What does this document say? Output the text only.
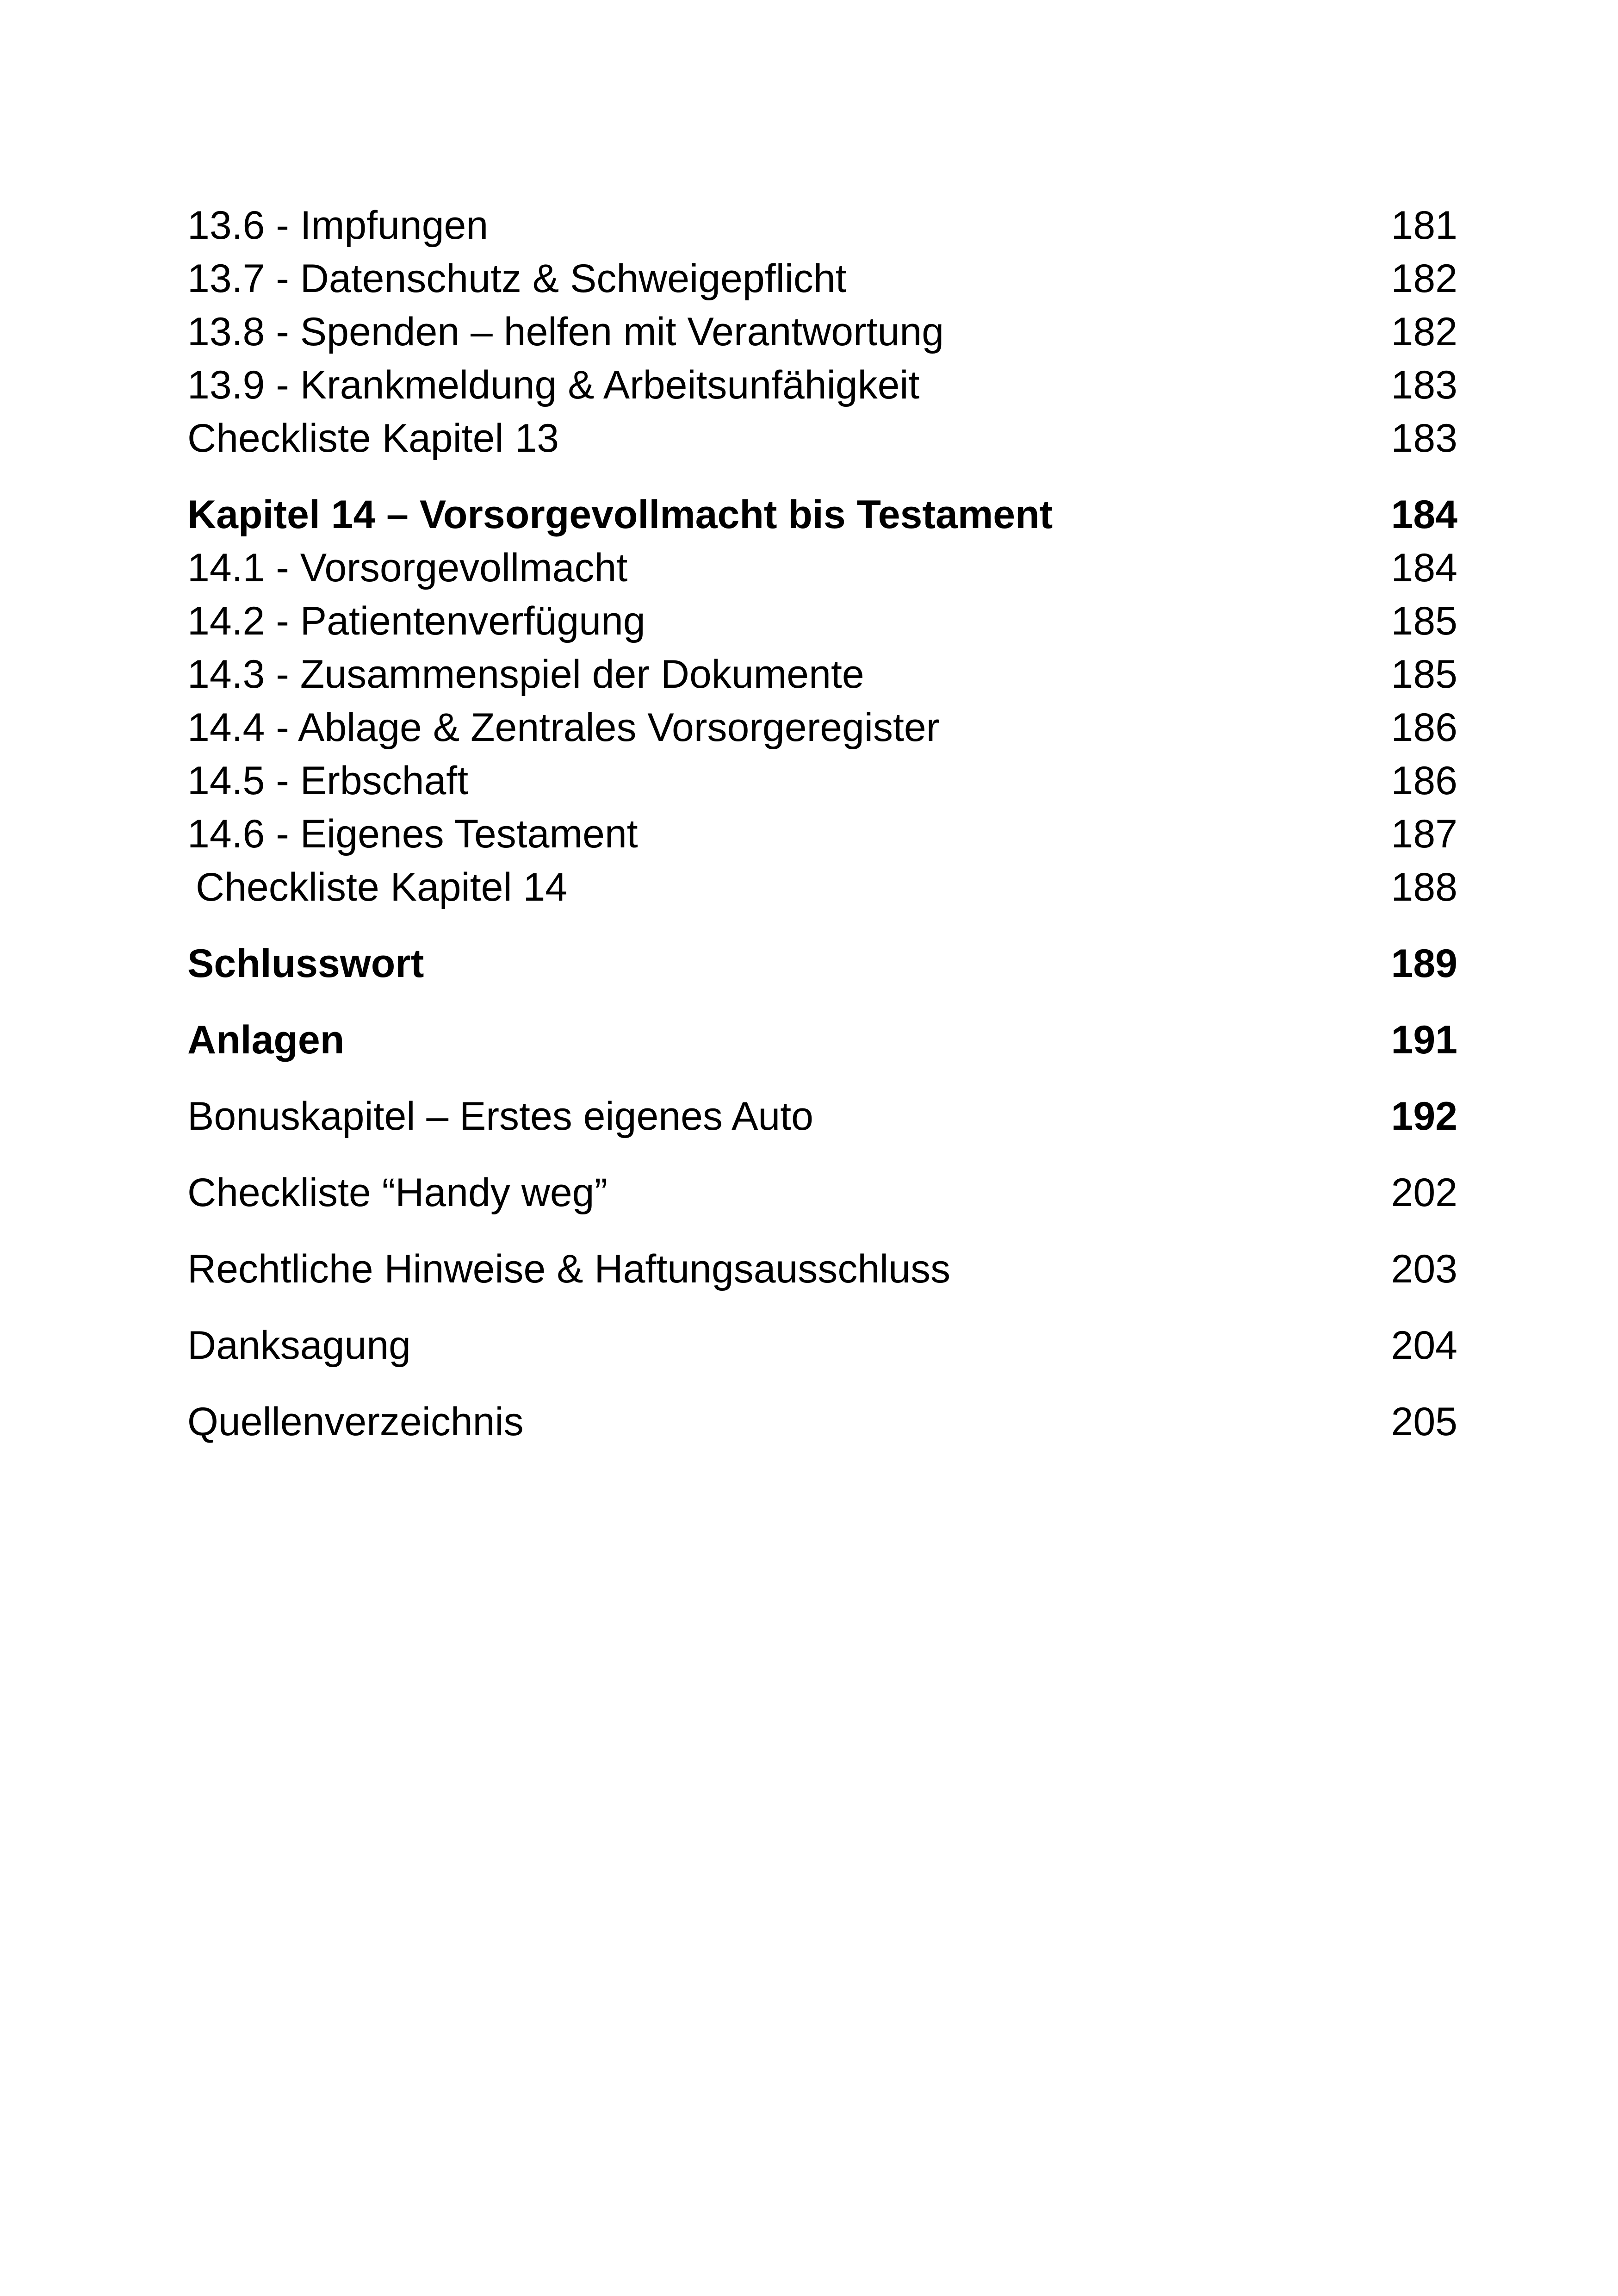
13.6 - Impfungen	181
13.7 - Datenschutz & Schweigepflicht	182
13.8 - Spenden – helfen mit Verantwortung	182
13.9 - Krankmeldung & Arbeitsunfähigkeit	183
Checkliste Kapitel 13	183
Kapitel 14 – Vorsorgevollmacht bis Testament	184
14.1 - Vorsorgevollmacht	184
14.2 - Patientenverfügung	185
14.3 - Zusammenspiel der Dokumente	185
14.4 - Ablage & Zentrales Vorsorgeregister	186
14.5 - Erbschaft	186
14.6 - Eigenes Testament	187
Checkliste Kapitel 14	188
Schlusswort	189
Anlagen	191
Bonuskapitel – Erstes eigenes Auto	192
Checkliste “Handy weg”	202
Rechtliche Hinweise & Haftungsausschluss	203
Danksagung	204
Quellenverzeichnis	205
